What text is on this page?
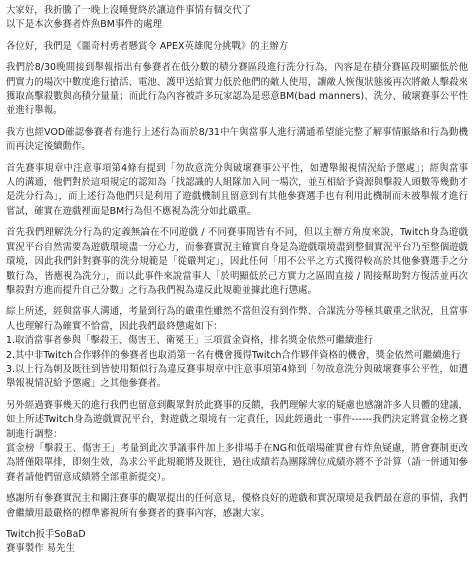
大家好，我折騰了一晚上沒睡覺終於讓這件事情有個交代了

以下是本次參賽者炸魚BM事件的處理

各位好，我們是《噩奇村勇者懸賞令 APEX英雄爬分挑戰》的主辦方

我們於8/30晚間接到舉報指出有參賽者在低分數的積分賽區段進行洗分行為，內容是在積分賽區段明顯低於他們實力的場次中數度進行搶活、電池、護甲送給實力低於他們的敵人使用，讓敵人恢復狀態後再次將敵人擊殺來獲取高擊殺數與高積分量量；而此行為內容被許多玩家認為是惡意BM(bad manners)、洗分、破壞賽事公平性並進行舉報。

我方也經VOD確認參賽者有進行上述行為而於8/31中午與當事人進行溝通希望能完整了解事情脈絡和行為動機而再決定後續動作。

首先賽事規章中注意事項第4條有提到「勿故意洗分與破壞賽事公平性，如遭舉報視情況給予懲處」；經與當事人的溝通，他們對於這項規定的認知為「找認識的人組隊加入同一場次，並互相給予資源與擊殺人頭數等幾動才是洗分行為」，而上述行為他們只是利用了遊戲機制且留意到有其他參賽選手也有利用此機制而未被舉報才進行嘗試，確實在遊戲裡面是BM行為但不應視為洗分如此嚴重。

首先我們理解洗分行為的定義無論在不同遊戲 / 不同賽事間皆有不同，但以主辦方角度來說，Twitch身為遊戲實況平台自然需要為遊戲環境盡一分心力，而參賽實況主確實自身是為遊戲環境盡到整個實況平台乃至整個遊戲環境，因此我們針對賽事的洗分規範是「從嚴判定」，因此任何「用不公平之方式獲得較高於其他參賽選手之分數行為，皆應視為洗分」，而以此事件來說當事人「於明顯低於己方實力之區間直接 / 間接幫助對方復活並再次擊殺對方進而提升自己分數」之行為我們視為違反此規範並據此進行懲處。

綜上所述，經與當事人溝通，考量到行為的嚴重性雖然不當但沒有到作弊、合謀洗分等極其嚴重之狀況，且當事人也理解行為確實不恰當，因此我們最終懲處如下：
1.取消當事者參與「擊殺王、傷害王、衛冕王」三項賞金資格，排名獎金依然可繼續進行
2.其中非Twitch合作夥伴的參賽者也取消第一名有機會獲得Twitch合作夥伴資格的機會，獎金依然可繼續進行
3.以上行為朝及既往到皆使用類似行為違反賽事規章中注意事項第4條到「勿故意洗分與破壞賽事公平性，如遭舉報視情況給予懲處」之其他參賽者。

另外經過賽事幾天的進行我們也留意到觀眾對於此賽事的反饋，我們理解大家的疑慮也感謝許多人貝體的建議，如上所述Twitch身為遊戲實況平台，對遊戲之環境有一定責任，因此經過此一事件------我們決定將賞金榜之賽制進行調整：
賞金榜「擊殺王、傷害王」考量到此次爭議事件加上多排場手在NG和低端場確實會有炸魚疑慮，將會賽制更改為將僅限單排，即刻生效，為求公平此規範將及既往，過往成績若為團隊牌位成績亦將不予計算（請一併通知參賽者請他們留意成績將全部重新提交）。

感謝所有參賽實況主和關注賽事的觀眾提出的任何意見，優格良好的遊戲和實況環境是我們最在意的事情，我們會繼續用最嚴格的標準審視所有參賽者的賽事內容，感謝大家。

Twitch扳手SoBaD

賽事製作 易先生
